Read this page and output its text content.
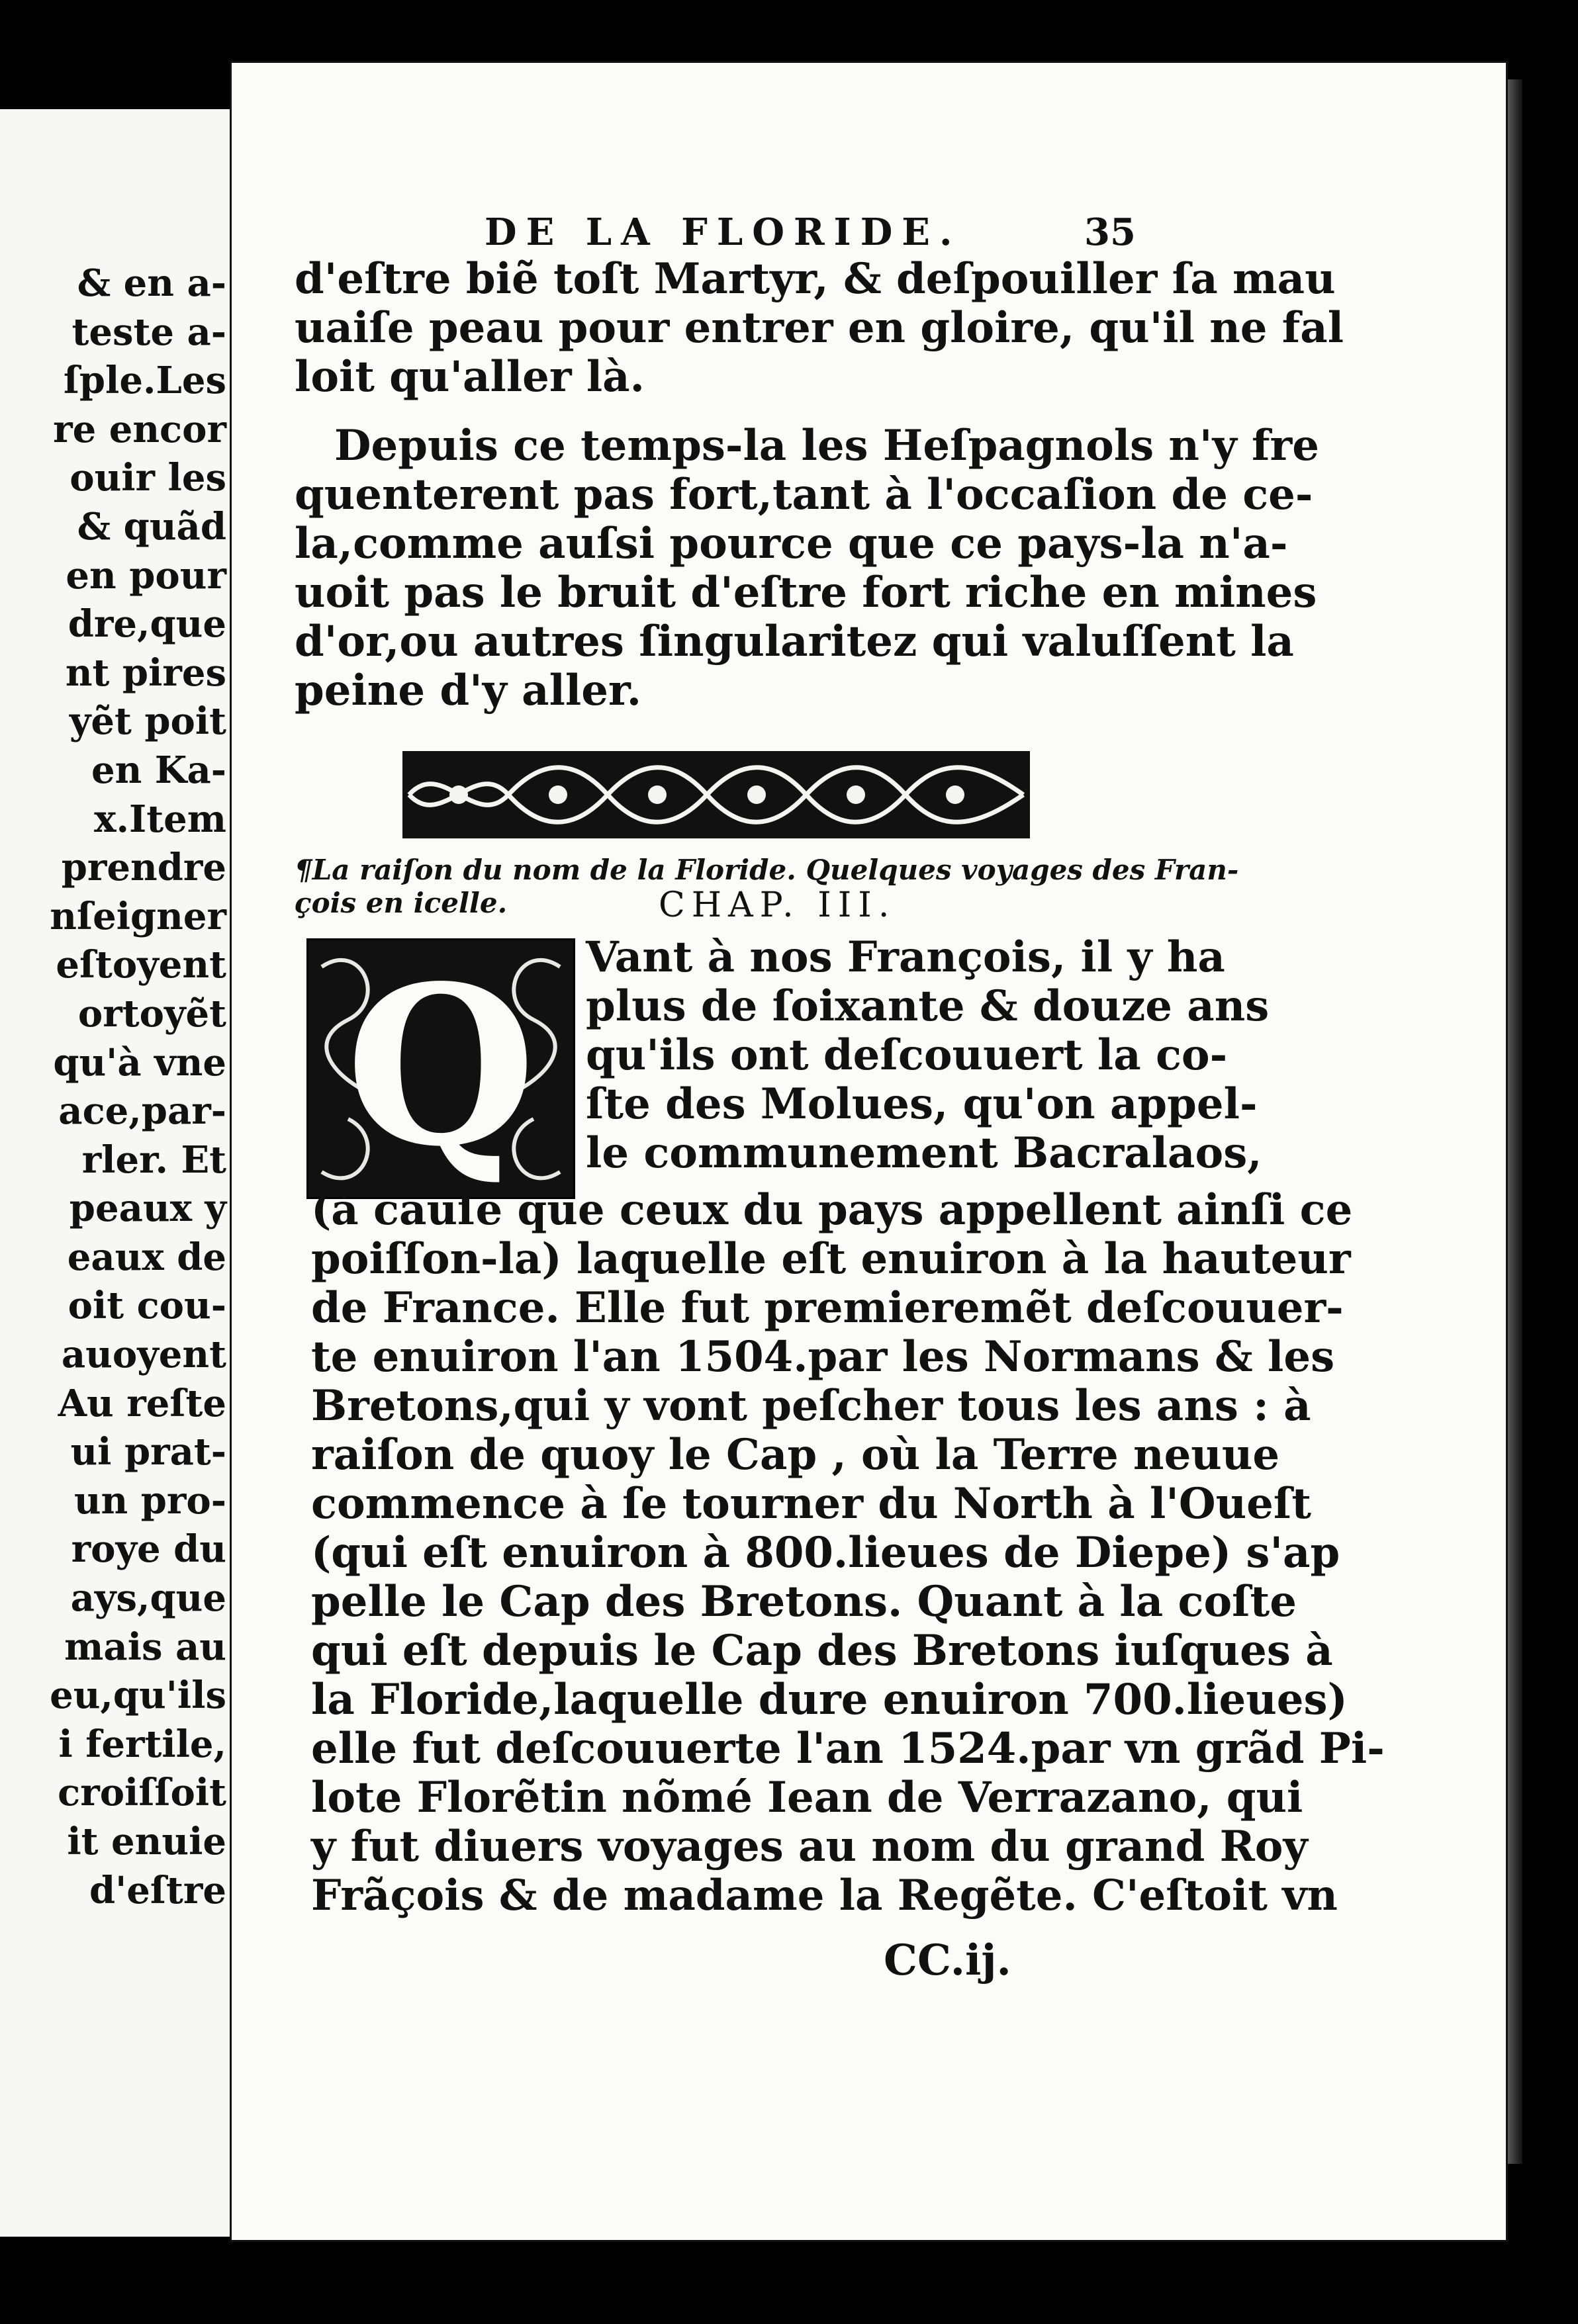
& en a-
teste a-
ſple.Les
re encor
ouir les
& quãd
en pour
dre,que
nt pires
yẽt poit
en Ka-
x.Item
prendre
nſeigner
eſtoyent
ortoyẽt
qu'à vne
ace,par-
rler. Et
peaux y
eaux de
oit cou-
auoyent
Au reſte
ui prat-
un pro-
royе du
ays,que
mais au
eu,qu'ils
i fertile,
croiſſoit
it enuie
d'eſtre
DE LA FLORIDE.	35
d'eſtre biẽ toſt Martyr, & deſpouiller ſa mau
uaiſe peau pour entrer en gloire, qu'il ne fal
loit qu'aller là.
Depuis ce temps-la les Heſpagnols n'y fre
quenterent pas fort,tant à l'occaſion de ce-
la,comme auſsi pource que ce pays-la n'a-
uoit pas le bruit d'eſtre fort riche en mines
d'or,ou autres ſingularitez qui valuſſent la
peine d'y aller.
¶La raiſon du nom de la Floride. Quelques voyages des Fran-
çois en icelle.	CHAP. III.
Q	Vant à nos François, il y ha
plus de ſoixante & douze ans
qu'ils ont deſcouuert la co-
ſte des Molues, qu'on appel-
le communement Bacralaos,
(à cauſe que ceux du pays appellent ainſi ce
poiſſon-la) laquelle eſt enuiron à la hauteur
de France. Elle fut premieremẽt deſcouuer-
te enuiron l'an 1504.par les Normans & les
Bretons,qui y vont peſcher tous les ans : à
raiſon de quoy le Cap , où la Terre neuue
commence à ſe tourner du North à l'Oueſt
(qui eſt enuiron à 800.lieues de Diepe) s'ap
pelle le Cap des Bretons. Quant à la coſte
qui eſt depuis le Cap des Bretons iuſques à
la Floride,laquelle dure enuiron 700.lieues)
elle fut deſcouuerte l'an 1524.par vn grãd Pi-
lote Florẽtin nõmé Iean de Verrazano, qui
y fut diuers voyages au nom du grand Roy
Frãçois & de madame la Regẽte. C'eſtoit vn
CC.ij.
